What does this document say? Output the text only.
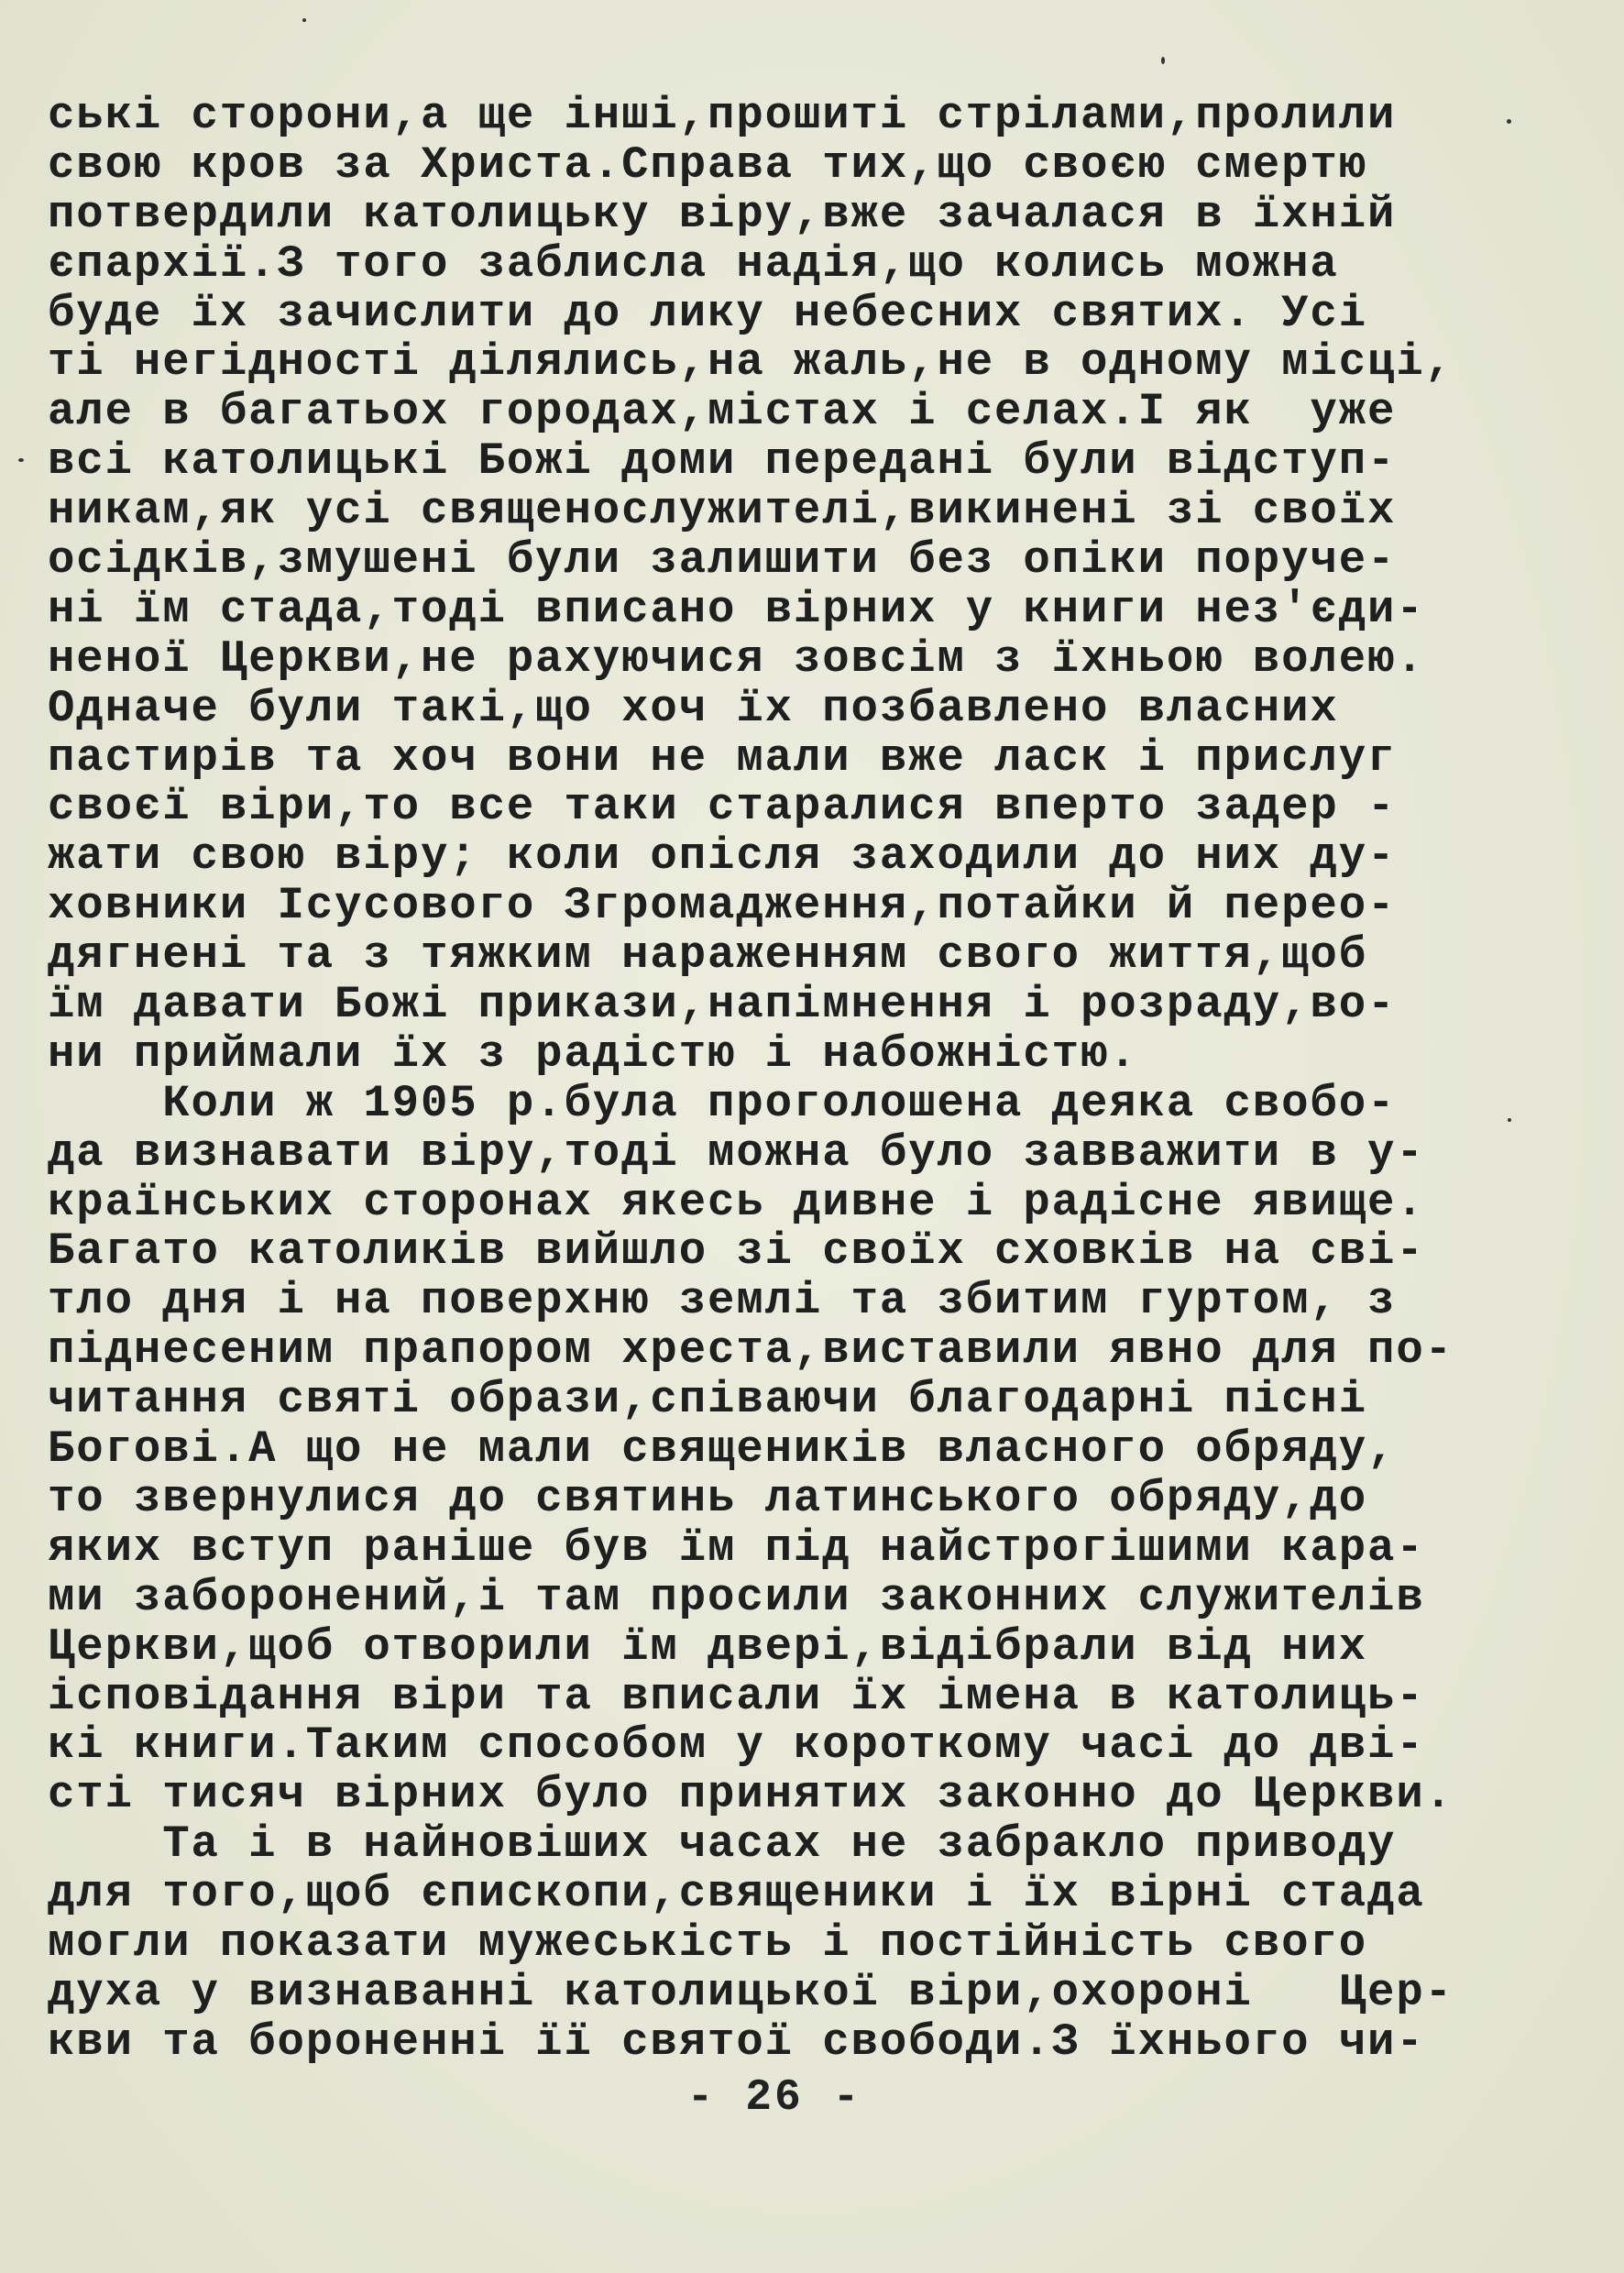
ські сторони,а ще інші,прошиті стрілами,пролили
свою кров за Христа.Справа тих,що своєю смертю
потвердили католицьку віру,вже зачалася в їхній
єпархії.З того заблисла надія,що колись можна
буде їх зачислити до лику небесних святих. Усі
ті негідності ділялись,на жаль,не в одному місці,
але в багатьох городах,містах і селах.І як  уже
всі католицькі Божі доми передані були відступ-
никам,як усі священослужителі,викинені зі своїх
осідків,змушені були залишити без опіки поруче-
ні їм стада,тоді вписано вірних у книги нез'єди-
неної Церкви,не рахуючися зовсім з їхньою волею.
Одначе були такі,що хоч їх позбавлено власних
пастирів та хоч вони не мали вже ласк і прислуг
своєї віри,то все таки старалися вперто задер -
жати свою віру; коли опісля заходили до них ду-
ховники Ісусового Згромадження,потайки й перео-
дягнені та з тяжким нараженням свого життя,щоб
їм давати Божі прикази,напімнення і розраду,во-
ни приймали їх з радістю і набожністю.
Коли ж 1905 р.була проголошена деяка свобо-
да визнавати віру,тоді можна було завважити в у-
країнських сторонах якесь дивне і радісне явище.
Багато католиків вийшло зі своїх сховків на сві-
тло дня і на поверхню землі та збитим гуртом, з
піднесеним прапором хреста,виставили явно для по-
читання святі образи,співаючи благодарні пісні
Богові.А що не мали священиків власного обряду,
то звернулися до святинь латинського обряду,до
яких вступ раніше був їм під найстрогішими кара-
ми заборонений,і там просили законних служителів
Церкви,щоб отворили їм двері,відібрали від них
ісповідання віри та вписали їх імена в католиць-
кі книги.Таким способом у короткому часі до дві-
сті тисяч вірних було принятих законно до Церкви.
Та і в найновіших часах не забракло приводу
для того,щоб єпископи,священики і їх вірні стада
могли показати мужеськість і постійність свого
духа у визнаванні католицької віри,охороні   Цер-
кви та бороненні її святої свободи.З їхнього чи-
- 26 -
